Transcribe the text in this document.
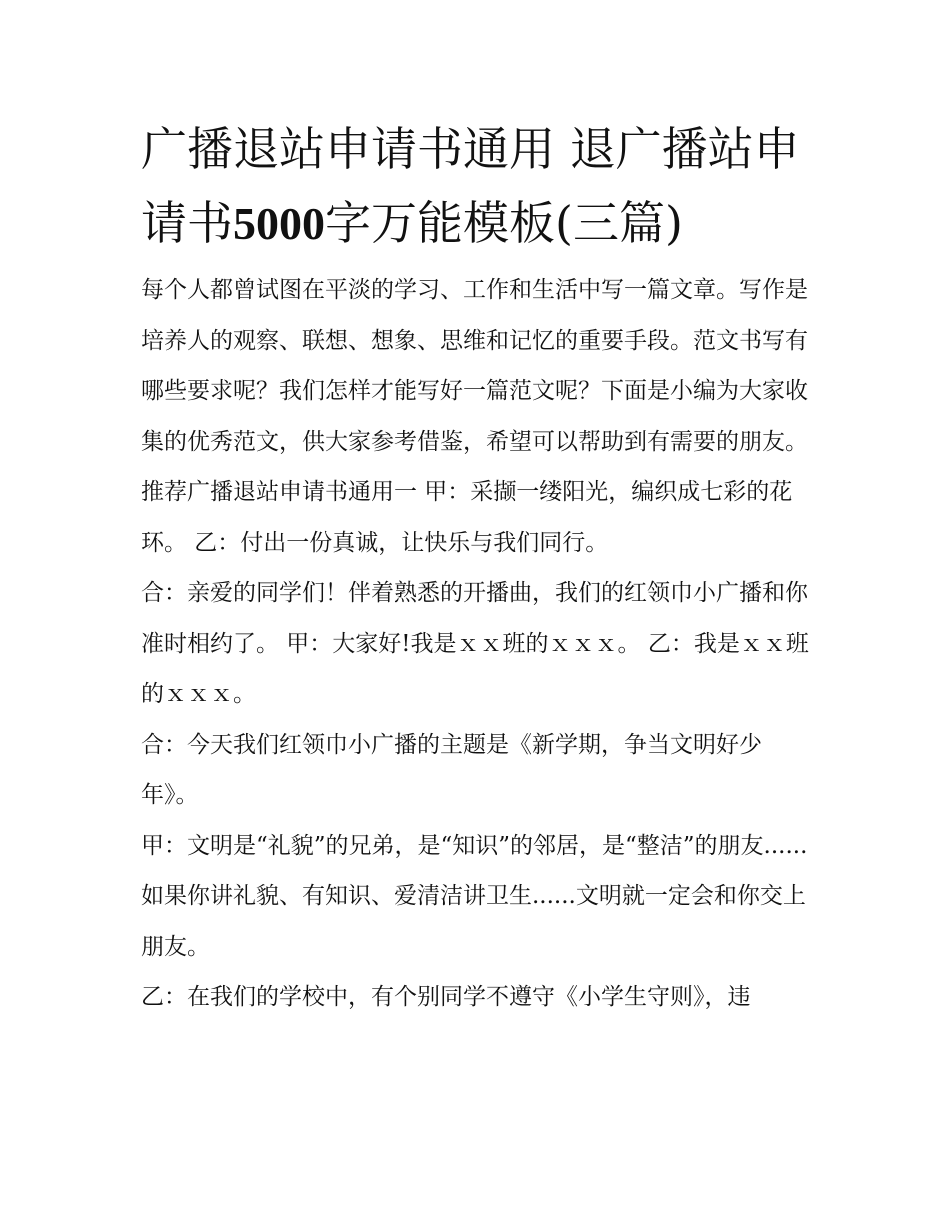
广播退站申请书通用 退广播站申请书5000字万能模板(三篇)

每个人都曾试图在平淡的学习、工作和生活中写一篇文章。写作是培养人的观察、联想、想象、思维和记忆的重要手段。范文书写有哪些要求呢？我们怎样才能写好一篇范文呢？下面是小编为大家收集的优秀范文，供大家参考借鉴，希望可以帮助到有需要的朋友。

推荐广播退站申请书通用一 甲：采撷一缕阳光，编织成七彩的花环。 乙：付出一份真诚，让快乐与我们同行。

合：亲爱的同学们！伴着熟悉的开播曲，我们的红领巾小广播和你准时相约了。 甲：大家好!我是ｘｘ班的ｘｘｘ。 乙：我是ｘｘ班的ｘｘｘ。

合：今天我们红领巾小广播的主题是《新学期，争当文明好少年》。

甲：文明是“礼貌”的兄弟，是“知识”的邻居，是“整洁”的朋友......如果你讲礼貌、有知识、爱清洁讲卫生......文明就一定会和你交上朋友。

乙：在我们的学校中，有个别同学不遵守《小学生守则》，违
